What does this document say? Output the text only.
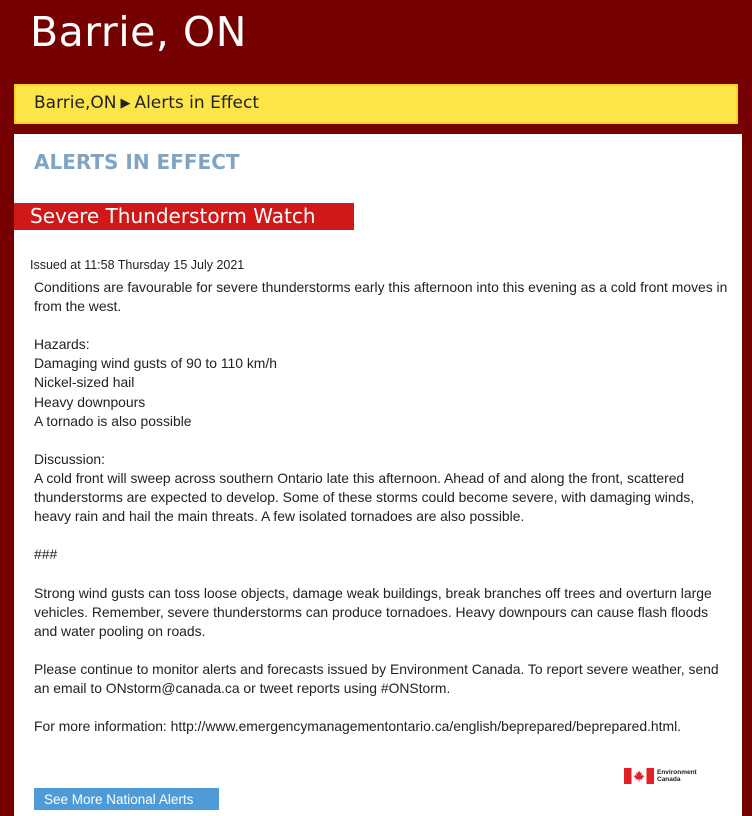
Barrie, ON
Barrie,ON ▶ Alerts in Effect
ALERTS IN EFFECT
Severe Thunderstorm Watch
Issued at 11:58 Thursday 15 July 2021

Conditions are favourable for severe thunderstorms early this afternoon into this evening as a cold front moves in from the west.

Hazards:
Damaging wind gusts of 90 to 110 km/h
Nickel-sized hail
Heavy downpours
A tornado is also possible

Discussion:
A cold front will sweep across southern Ontario late this afternoon. Ahead of and along the front, scattered thunderstorms are expected to develop. Some of these storms could become severe, with damaging winds, heavy rain and hail the main threats. A few isolated tornadoes are also possible.

###

Strong wind gusts can toss loose objects, damage weak buildings, break branches off trees and overturn large vehicles. Remember, severe thunderstorms can produce tornadoes. Heavy downpours can cause flash floods and water pooling on roads.

Please continue to monitor alerts and forecasts issued by Environment Canada. To report severe weather, send an email to ONstorm@canada.ca or tweet reports using #ONStorm.

For more information: http://www.emergencymanagementontario.ca/english/beprepared/beprepared.html.

Environment
Canada
See More National Alerts
